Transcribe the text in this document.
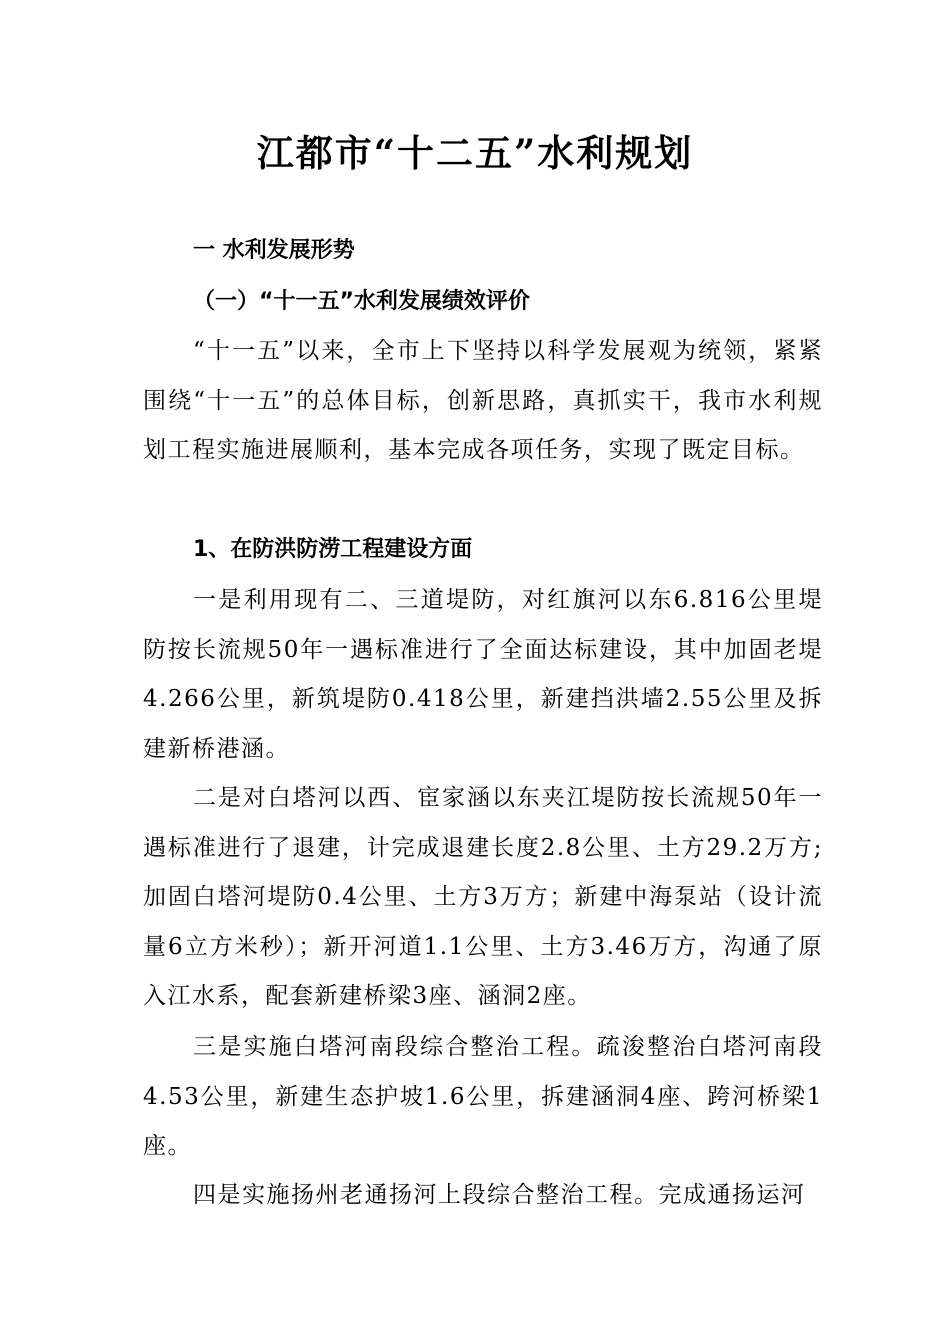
江都市“十二五”水利规划
一 水利发展形势
（一）“十一五”水利发展绩效评价

“十一五”以来，全市上下坚持以科学发展观为统领，紧紧围绕“十一五”的总体目标，创新思路，真抓实干，我市水利规划工程实施进展顺利，基本完成各项任务，实现了既定目标。

1、在防洪防涝工程建设方面

一是利用现有二、三道堤防，对红旗河以东6.816公里堤防按长流规50年一遇标准进行了全面达标建设，其中加固老堤4.266公里，新筑堤防0.418公里，新建挡洪墙2.55公里及拆建新桥港涵。

二是对白塔河以西、宦家涵以东夹江堤防按长流规50年一遇标准进行了退建，计完成退建长度2.8公里、土方29.2万方;加固白塔河堤防0.4公里、土方3万方；新建中海泵站（设计流量6立方米秒）；新开河道1.1公里、土方3.46万方，沟通了原入江水系，配套新建桥梁3座、涵洞2座。

三是实施白塔河南段综合整治工程。疏浚整治白塔河南段4.53公里，新建生态护坡1.6公里，拆建涵洞4座、跨河桥梁1座。

四是实施扬州老通扬河上段综合整治工程。完成通扬运河
